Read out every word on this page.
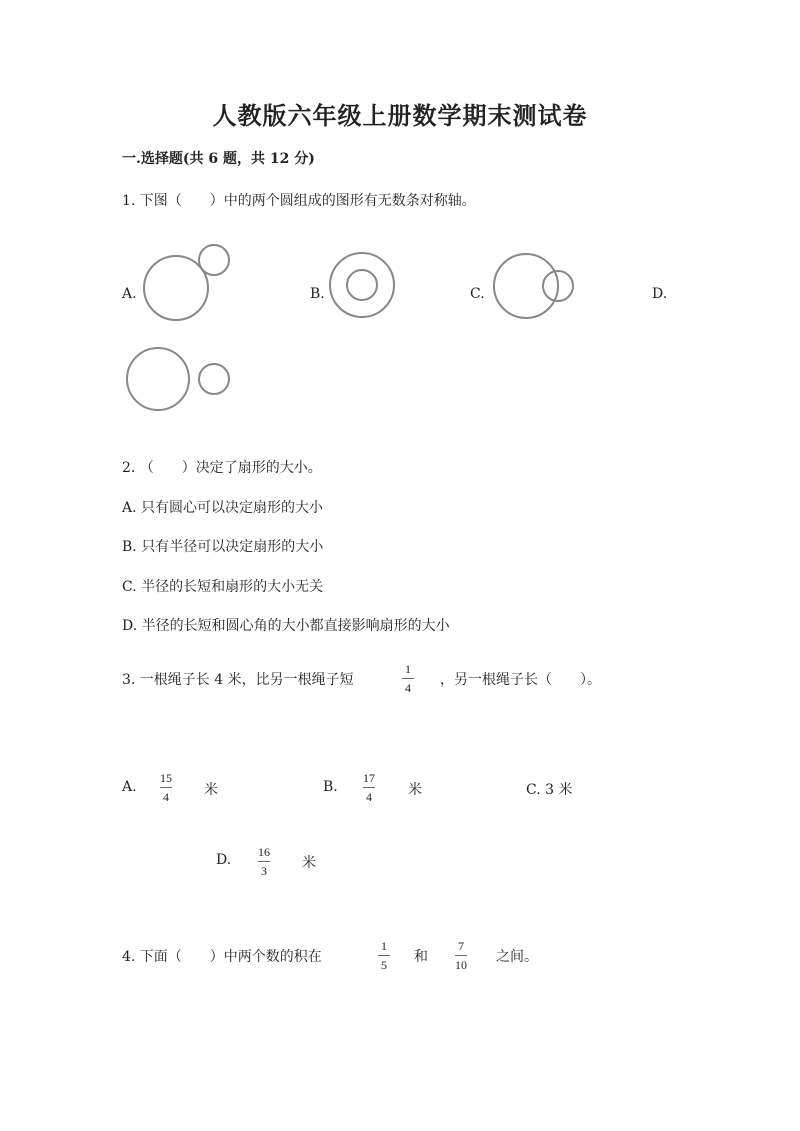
人教版六年级上册数学期末测试卷
一.选择题(共 6 题，共 12 分)
1. 下图（　　）中的两个圆组成的图形有无数条对称轴。
A.	B.	C.	D.
2. （　　）决定了扇形的大小。
A. 只有圆心可以决定扇形的大小
B. 只有半径可以决定扇形的大小
C. 半径的长短和扇形的大小无关
D. 半径的长短和圆心角的大小都直接影响扇形的大小
3. 一根绳子长 4 米，比另一根绳子短
1
4 ，另一根绳子长（　　）。
A.
15
4	米	B.
17
4	米	C. 3 米
D. 16
3	米
4. 下面（　　）中两个数的积在
1
5 和
7
10 之间。
